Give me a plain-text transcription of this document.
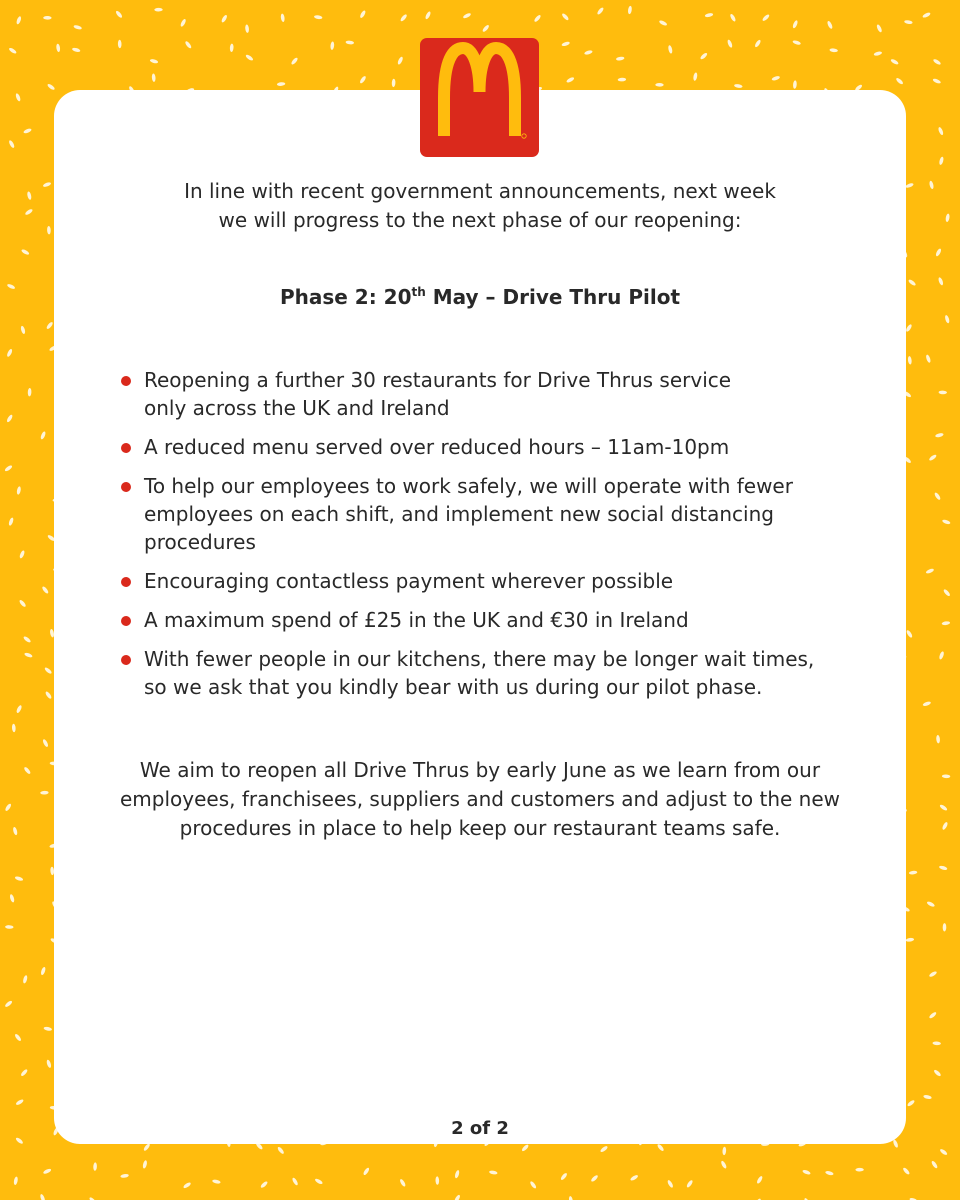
In line with recent government announcements, next week
we will progress to the next phase of our reopening:
Phase 2: 20th May – Drive Thru Pilot
Reopening a further 30 restaurants for Drive Thrus service
only across the UK and Ireland
A reduced menu served over reduced hours – 11am-10pm
To help our employees to work safely, we will operate with fewer
employees on each shift, and implement new social distancing
procedures
Encouraging contactless payment wherever possible
A maximum spend of £25 in the UK and €30 in Ireland
With fewer people in our kitchens, there may be longer wait times,
so we ask that you kindly bear with us during our pilot phase.
We aim to reopen all Drive Thrus by early June as we learn from our
employees, franchisees, suppliers and customers and adjust to the new
procedures in place to help keep our restaurant teams safe.
2 of 2
